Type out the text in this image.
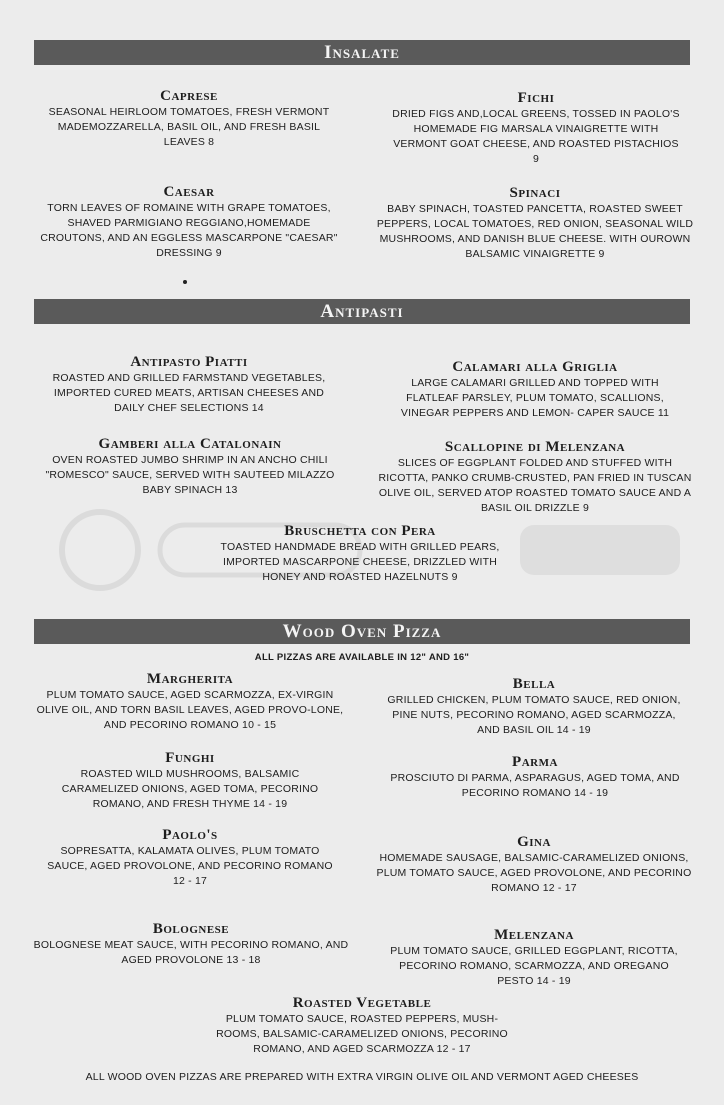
Insalate
Caprese
SEASONAL HEIRLOOM TOMATOES, FRESH VERMONT MADEMOZZARELLA, BASIL OIL, AND FRESH BASIL LEAVES 8
Fichi
DRIED FIGS AND,LOCAL GREENS, TOSSED IN PAOLO'S HOMEMADE FIG MARSALA VINAIGRETTE WITH VERMONT GOAT CHEESE, AND ROASTED PISTACHIOS 9
Caesar
TORN LEAVES OF ROMAINE WITH GRAPE TOMATOES, SHAVED PARMIGIANO REGGIANO,HOMEMADE CROUTONS, AND AN EGGLESS MASCARPONE "CAESAR" DRESSING 9
Spinaci
BABY SPINACH, TOASTED PANCETTA, ROASTED SWEET PEPPERS, LOCAL TOMATOES, RED ONION, SEASONAL WILD MUSHROOMS, AND DANISH BLUE CHEESE. WITH OUROWN BALSAMIC VINAIGRETTE 9
Antipasti
Antipasto Piatti
ROASTED AND GRILLED FARMSTAND VEGETABLES, IMPORTED CURED MEATS, ARTISAN CHEESES AND DAILY CHEF SELECTIONS 14
Calamari alla Griglia
LARGE CALAMARI GRILLED AND TOPPED WITH FLATLEAF PARSLEY, PLUM TOMATO, SCALLIONS, VINEGAR PEPPERS AND LEMON- CAPER SAUCE 11
Gamberi alla Catalonain
OVEN ROASTED JUMBO SHRIMP IN AN ANCHO CHILI "ROMESCO" SAUCE, SERVED WITH SAUTEED MILAZZO BABY SPINACH 13
Scallopine di Melenzana
SLICES OF EGGPLANT FOLDED AND STUFFED WITH RICOTTA, PANKO CRUMB-CRUSTED, PAN FRIED IN TUSCAN OLIVE OIL, SERVED ATOP ROASTED TOMATO SAUCE AND A BASIL OIL DRIZZLE 9
Bruschetta con Pera
TOASTED HANDMADE BREAD WITH GRILLED PEARS, IMPORTED MASCARPONE CHEESE, DRIZZLED WITH HONEY AND ROASTED HAZELNUTS 9
Wood Oven Pizza
ALL PIZZAS ARE AVAILABLE IN 12" AND 16"
Margherita
PLUM TOMATO SAUCE, AGED SCARMOZZA, EX-VIRGIN OLIVE OIL, AND TORN BASIL LEAVES, AGED PROVO-LONE, AND PECORINO ROMANO 10 - 15
Bella
GRILLED CHICKEN, PLUM TOMATO SAUCE, RED ONION, PINE NUTS, PECORINO ROMANO, AGED SCARMOZZA, AND BASIL OIL 14 - 19
Funghi
ROASTED WILD MUSHROOMS, BALSAMIC CARAMELIZED ONIONS, AGED TOMA, PECORINO ROMANO, AND FRESH THYME 14 - 19
Parma
PROSCIUTO DI PARMA, ASPARAGUS, AGED TOMA, AND PECORINO ROMANO 14 - 19
Paolo's
SOPRESATTA, KALAMATA OLIVES, PLUM TOMATO SAUCE, AGED PROVOLONE, AND PECORINO ROMANO 12 - 17
Gina
HOMEMADE SAUSAGE, BALSAMIC-CARAMELIZED ONIONS, PLUM TOMATO SAUCE, AGED PROVOLONE, AND PECORINO ROMANO 12 - 17
Bolognese
BOLOGNESE MEAT SAUCE, WITH PECORINO ROMANO, AND AGED PROVOLONE 13 - 18
Melenzana
PLUM TOMATO SAUCE, GRILLED EGGPLANT, RICOTTA, PECORINO ROMANO, SCARMOZZA, AND OREGANO PESTO 14 - 19
Roasted Vegetable
PLUM TOMATO SAUCE, ROASTED PEPPERS, MUSH-ROOMS, BALSAMIC-CARAMELIZED ONIONS, PECORINO ROMANO, AND AGED SCARMOZZA 12 - 17
ALL WOOD OVEN PIZZAS ARE PREPARED WITH EXTRA VIRGIN OLIVE OIL AND VERMONT AGED CHEESES
